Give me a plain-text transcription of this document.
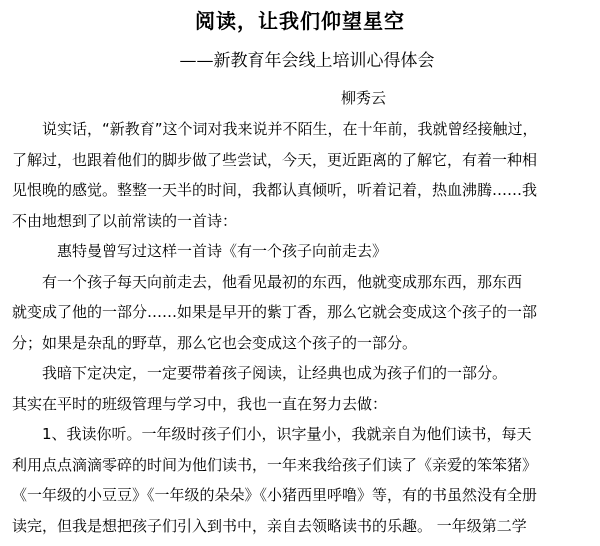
阅读，让我们仰望星空
——新教育年会线上培训心得体会
柳秀云
说实话，“新教育”这个词对我来说并不陌生，在十年前，我就曾经接触过，
了解过，也跟着他们的脚步做了些尝试，今天，更近距离的了解它，有着一种相
见恨晚的感觉。整整一天半的时间，我都认真倾听，听着记着，热血沸腾……我
不由地想到了以前常读的一首诗：
惠特曼曾写过这样一首诗《有一个孩子向前走去》
有一个孩子每天向前走去，他看见最初的东西，他就变成那东西，那东西
就变成了他的一部分……如果是早开的紫丁香，那么它就会变成这个孩子的一部
分；如果是杂乱的野草，那么它也会变成这个孩子的一部分。
我暗下定决定，一定要带着孩子阅读，让经典也成为孩子们的一部分。
其实在平时的班级管理与学习中，我也一直在努力去做：
1、我读你听。一年级时孩子们小，识字量小，我就亲自为他们读书，每天
利用点点滴滴零碎的时间为他们读书，一年来我给孩子们读了《亲爱的笨笨猪》
《一年级的小豆豆》《一年级的朵朵》《小猪西里呼噜》等，有的书虽然没有全册
读完，但我是想把孩子们引入到书中，亲自去领略读书的乐趣。 一年级第二学
